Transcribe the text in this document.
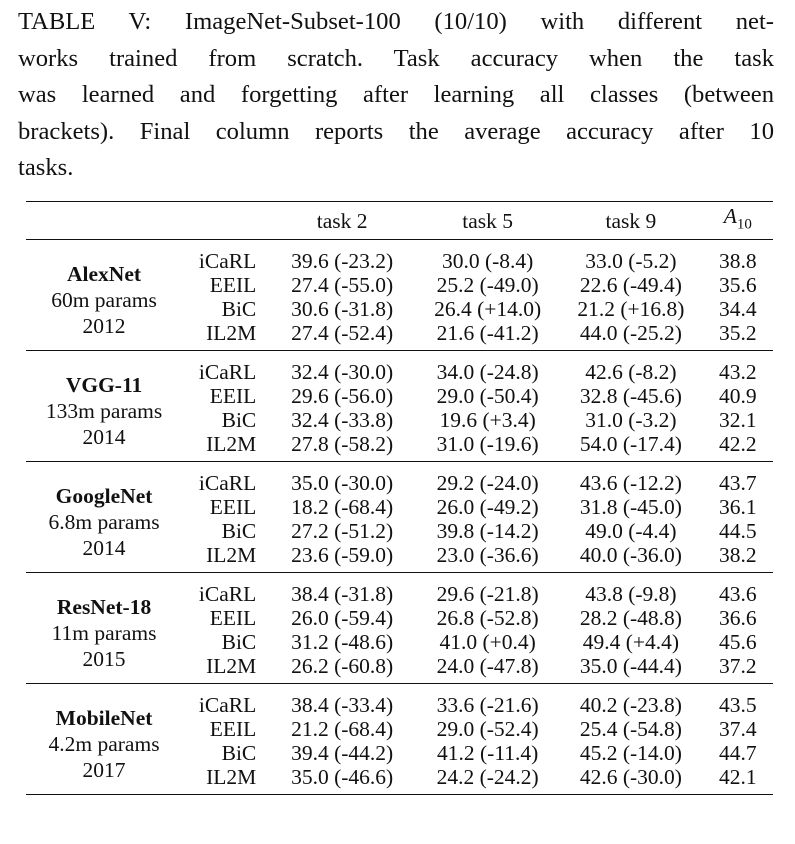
TABLE V: ImageNet-Subset-100 (10/10) with different net-
works trained from scratch. Task accuracy when the task
was learned and forgetting after learning all classes (between
brackets). Final column reports the average accuracy after 10
tasks.
		task 2	task 5	task 9	$A_{10}$

AlexNet
60m params
2012	iCaRL	39.6 (-23.2)	30.0 (-8.4)	33.0 (-5.2)	38.8
	EEIL	27.4 (-55.0)	25.2 (-49.0)	22.6 (-49.4)	35.6
	BiC	30.6 (-31.8)	26.4 (+14.0)	21.2 (+16.8)	34.4
	IL2M	27.4 (-52.4)	21.6 (-41.2)	44.0 (-25.2)	35.2

VGG-11
133m params
2014	iCaRL	32.4 (-30.0)	34.0 (-24.8)	42.6 (-8.2)	43.2
	EEIL	29.6 (-56.0)	29.0 (-50.4)	32.8 (-45.6)	40.9
	BiC	32.4 (-33.8)	19.6 (+3.4)	31.0 (-3.2)	32.1
	IL2M	27.8 (-58.2)	31.0 (-19.6)	54.0 (-17.4)	42.2

GoogleNet
6.8m params
2014	iCaRL	35.0 (-30.0)	29.2 (-24.0)	43.6 (-12.2)	43.7
	EEIL	18.2 (-68.4)	26.0 (-49.2)	31.8 (-45.0)	36.1
	BiC	27.2 (-51.2)	39.8 (-14.2)	49.0 (-4.4)	44.5
	IL2M	23.6 (-59.0)	23.0 (-36.6)	40.0 (-36.0)	38.2

ResNet-18
11m params
2015	iCaRL	38.4 (-31.8)	29.6 (-21.8)	43.8 (-9.8)	43.6
	EEIL	26.0 (-59.4)	26.8 (-52.8)	28.2 (-48.8)	36.6
	BiC	31.2 (-48.6)	41.0 (+0.4)	49.4 (+4.4)	45.6
	IL2M	26.2 (-60.8)	24.0 (-47.8)	35.0 (-44.4)	37.2

MobileNet
4.2m params
2017	iCaRL	38.4 (-33.4)	33.6 (-21.6)	40.2 (-23.8)	43.5
	EEIL	21.2 (-68.4)	29.0 (-52.4)	25.4 (-54.8)	37.4
	BiC	39.4 (-44.2)	41.2 (-11.4)	45.2 (-14.0)	44.7
	IL2M	35.0 (-46.6)	24.2 (-24.2)	42.6 (-30.0)	42.1
